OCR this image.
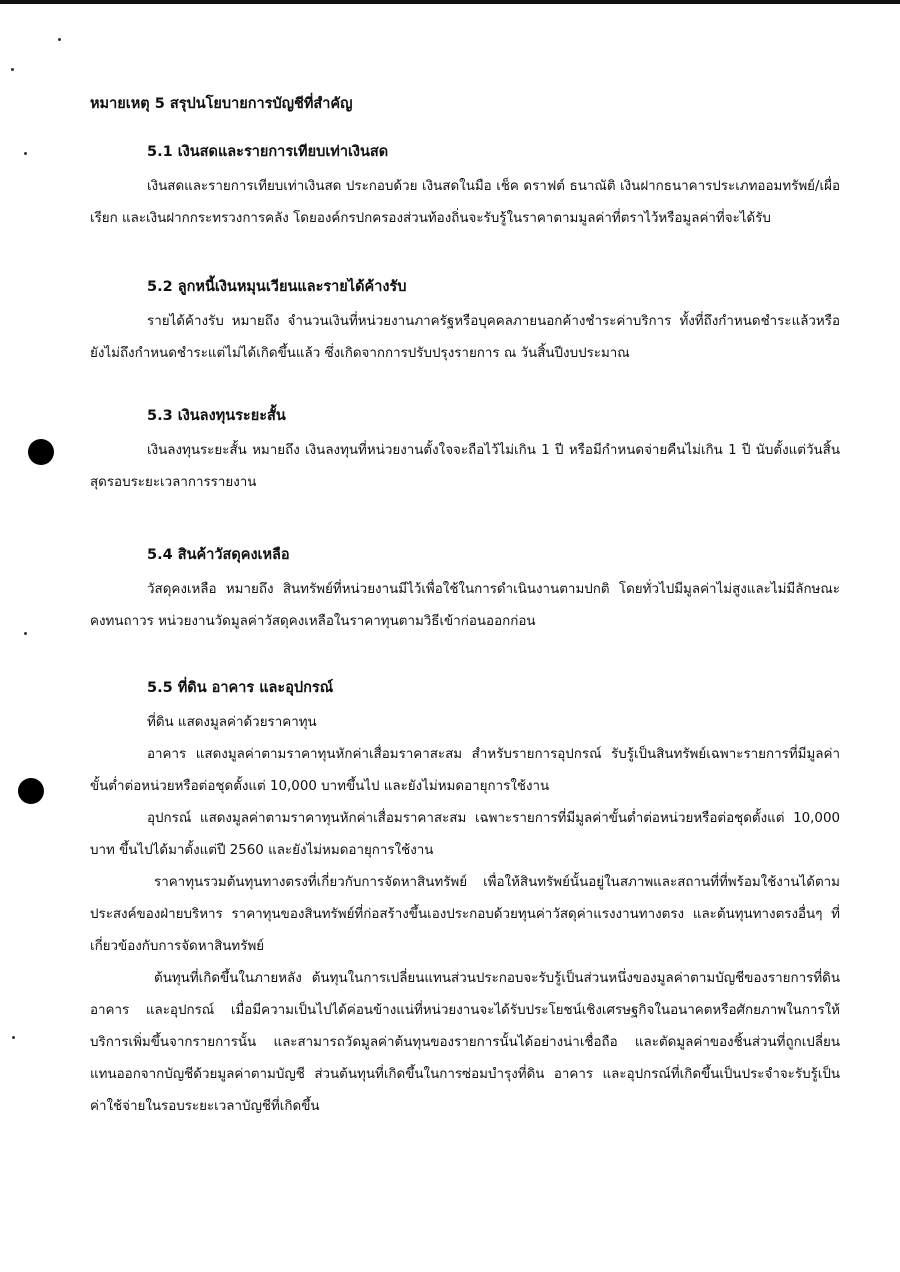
หมายเหตุ 5 สรุปนโยบายการบัญชีที่สำคัญ
5.1 เงินสดและรายการเทียบเท่าเงินสด

เงินสดและรายการเทียบเท่าเงินสด ประกอบด้วย เงินสดในมือ เช็ค ดราฟต์ ธนาณัติ เงินฝากธนาคารประเภทออมทรัพย์/เผื่อเรียก และเงินฝากกระทรวงการคลัง โดยองค์กรปกครองส่วนท้องถิ่นจะรับรู้ในราคาตามมูลค่าที่ตราไว้หรือมูลค่าที่จะได้รับ

5.2 ลูกหนี้เงินหมุนเวียนและรายได้ค้างรับ

รายได้ค้างรับ หมายถึง จำนวนเงินที่หน่วยงานภาครัฐหรือบุคคลภายนอกค้างชำระค่าบริการ ทั้งที่ถึงกำหนดชำระแล้วหรือยังไม่ถึงกำหนดชำระแต่ไม่ได้เกิดขึ้นแล้ว ซึ่งเกิดจากการปรับปรุงรายการ ณ วันสิ้นปีงบประมาณ

5.3 เงินลงทุนระยะสั้น

เงินลงทุนระยะสั้น หมายถึง เงินลงทุนที่หน่วยงานตั้งใจจะถือไว้ไม่เกิน 1 ปี หรือมีกำหนดจ่ายคืนไม่เกิน 1 ปี นับตั้งแต่วันสิ้นสุดรอบระยะเวลาการรายงาน

5.4 สินค้าวัสดุคงเหลือ

วัสดุคงเหลือ หมายถึง สินทรัพย์ที่หน่วยงานมีไว้เพื่อใช้ในการดำเนินงานตามปกติ โดยทั่วไปมีมูลค่าไม่สูงและไม่มีลักษณะคงทนถาวร หน่วยงานวัดมูลค่าวัสดุคงเหลือในราคาทุนตามวิธีเข้าก่อนออกก่อน

5.5 ที่ดิน อาคาร และอุปกรณ์

ที่ดิน แสดงมูลค่าด้วยราคาทุน

อาคาร แสดงมูลค่าตามราคาทุนหักค่าเสื่อมราคาสะสม สำหรับรายการอุปกรณ์ รับรู้เป็นสินทรัพย์เฉพาะรายการที่มีมูลค่าขั้นต่ำต่อหน่วยหรือต่อชุดตั้งแต่ 10,000 บาทขึ้นไป และยังไม่หมดอายุการใช้งาน

อุปกรณ์ แสดงมูลค่าตามราคาทุนหักค่าเสื่อมราคาสะสม เฉพาะรายการที่มีมูลค่าขั้นต่ำต่อหน่วยหรือต่อชุดตั้งแต่ 10,000 บาท ขึ้นไปได้มาตั้งแต่ปี 2560 และยังไม่หมดอายุการใช้งาน

ราคาทุนรวมต้นทุนทางตรงที่เกี่ยวกับการจัดหาสินทรัพย์ เพื่อให้สินทรัพย์นั้นอยู่ในสภาพและสถานที่ที่พร้อมใช้งานได้ตามประสงค์ของฝ่ายบริหาร ราคาทุนของสินทรัพย์ที่ก่อสร้างขึ้นเองประกอบด้วยทุนค่าวัสดุค่าแรงงานทางตรง และต้นทุนทางตรงอื่นๆ ที่เกี่ยวข้องกับการจัดหาสินทรัพย์

ต้นทุนที่เกิดขึ้นในภายหลัง ต้นทุนในการเปลี่ยนแทนส่วนประกอบจะรับรู้เป็นส่วนหนึ่งของมูลค่าตามบัญชีของรายการที่ดิน อาคาร และอุปกรณ์ เมื่อมีความเป็นไปได้ค่อนข้างแน่ที่หน่วยงานจะได้รับประโยชน์เชิงเศรษฐกิจในอนาคตหรือศักยภาพในการให้บริการเพิ่มขึ้นจากรายการนั้น และสามารถวัดมูลค่าต้นทุนของรายการนั้นได้อย่างน่าเชื่อถือ และตัดมูลค่าของชิ้นส่วนที่ถูกเปลี่ยนแทนออกจากบัญชีด้วยมูลค่าตามบัญชี ส่วนต้นทุนที่เกิดขึ้นในการซ่อมบำรุงที่ดิน อาคาร และอุปกรณ์ที่เกิดขึ้นเป็นประจำจะรับรู้เป็นค่าใช้จ่ายในรอบระยะเวลาบัญชีที่เกิดขึ้น
